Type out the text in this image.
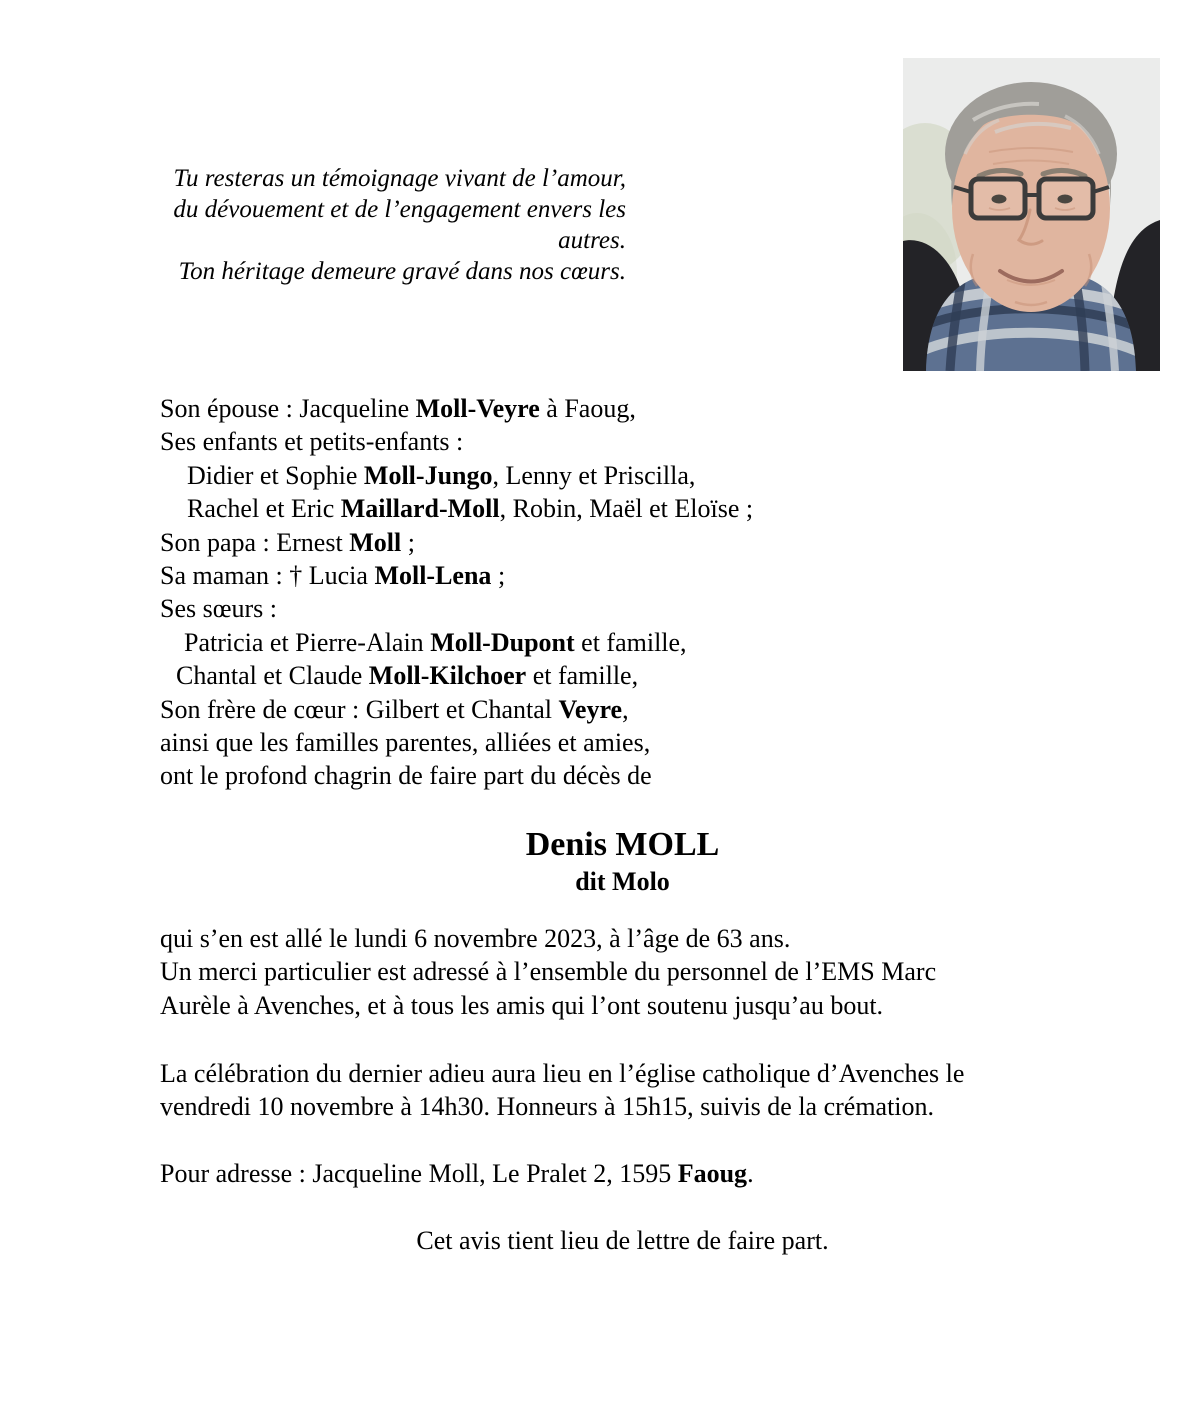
Tu resteras un témoignage vivant de l’amour,
du dévouement et de l’engagement envers les autres.
Ton héritage demeure gravé dans nos cœurs.
Son épouse : Jacqueline Moll-Veyre à Faoug,
Ses enfants et petits-enfants :
Didier et Sophie Moll-Jungo, Lenny et Priscilla,
Rachel et Eric Maillard-Moll, Robin, Maël et Eloïse ;
Son papa : Ernest Moll ;
Sa maman : † Lucia Moll-Lena ;
Ses sœurs :
Patricia et Pierre-Alain Moll-Dupont et famille,
Chantal et Claude Moll-Kilchoer et famille,
Son frère de cœur : Gilbert et Chantal Veyre,
ainsi que les familles parentes, alliées et amies,
ont le profond chagrin de faire part du décès de
Denis MOLL
dit Molo
qui s’en est allé le lundi 6 novembre 2023, à l’âge de 63 ans.
Un merci particulier est adressé à l’ensemble du personnel de l’EMS Marc
Aurèle à Avenches, et à tous les amis qui l’ont soutenu jusqu’au bout.
La célébration du dernier adieu aura lieu en l’église catholique d’Avenches le
vendredi 10 novembre à 14h30. Honneurs à 15h15, suivis de la crémation.
Pour adresse : Jacqueline Moll, Le Pralet 2, 1595 Faoug.
Cet avis tient lieu de lettre de faire part.
